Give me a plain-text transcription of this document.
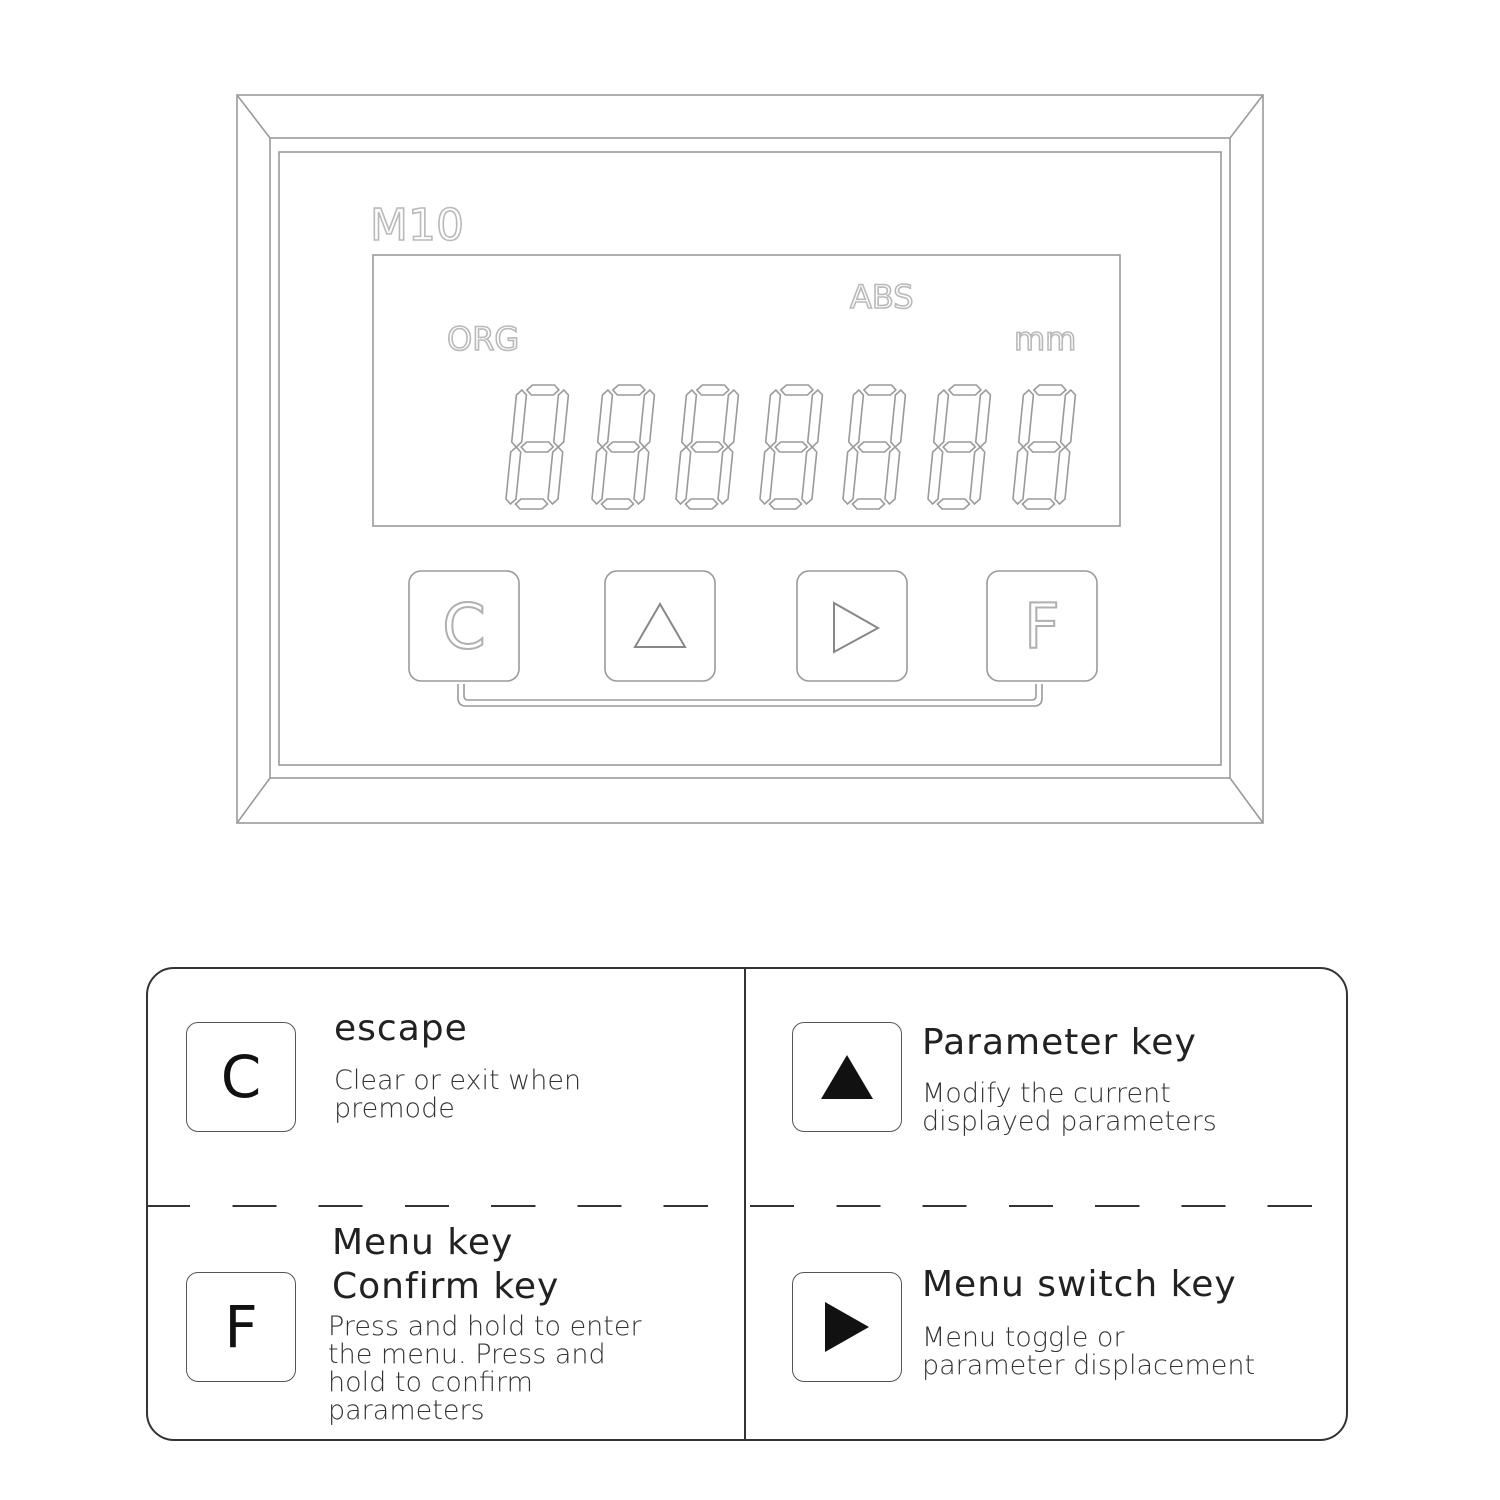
M10
ABS
ORG	mm
C	F
C
escape
Clear or exit when
premode
Parameter key
Modify the current
displayed parameters
F
Menu key
Confirm key
Press and hold to enter
the menu. Press and
hold to confirm
parameters
Menu switch key
Menu toggle or
parameter displacement
